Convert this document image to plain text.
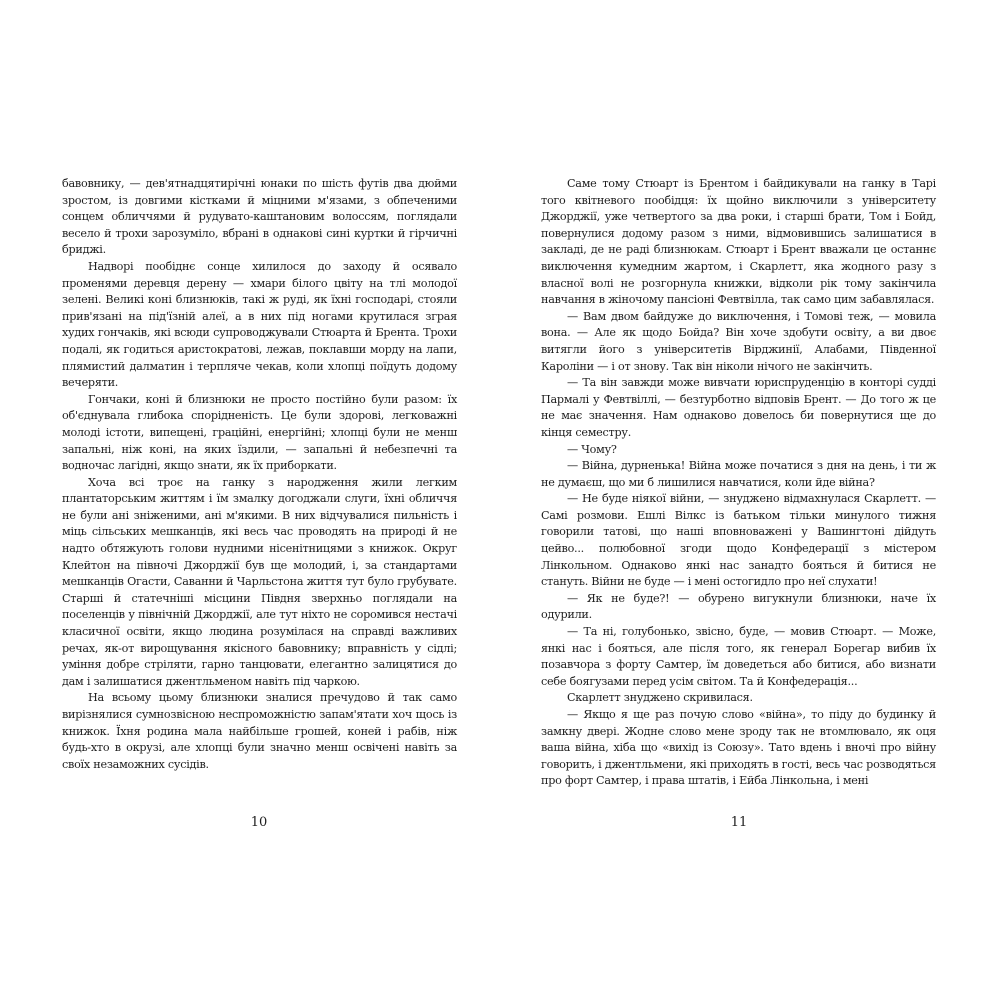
бавовнику, — дев'ятнадцятирічні юнаки по шість футів два дюйми зростом, із довгими кістками й міцними м'язами, з обпеченими сонцем обличчями й рудувато-каштановим волоссям, поглядали весело й трохи зарозуміло, вбрані в однакові сині куртки й гірчичні бриджі.

Надворі пообіднє сонце хилилося до заходу й осявало променями деревця дерену — хмари білого цвіту на тлі молодої зелені. Великі коні близнюків, такі ж руді, як їхні господарі, стояли прив'язані на під'їзній алеї, а в них під ногами крутилася зграя худих гончаків, які всюди супроводжували Стюарта й Брента. Трохи подалі, як годиться аристократові, лежав, поклавши морду на лапи, плямистий далматин і терпляче чекав, коли хлопці поїдуть додому вечеряти.

Гончаки, коні й близнюки не просто постійно були разом: їх об'єднувала глибока спорідненість. Це були здорові, легковажні молоді істоти, випещені, граційні, енергійні; хлопці були не менш запальні, ніж коні, на яких їздили, — запальні й небезпечні та водночас лагідні, якщо знати, як їх приборкати.

Хоча всі троє на ганку з народження жили легким плантаторським життям і їм змалку догоджали слуги, їхні обличчя не були ані зніженими, ані м'якими. В них відчувалися пильність і міць сільських мешканців, які весь час проводять на природі й не надто обтяжують голови нудними нісенітницями з книжок. Округ Клейтон на півночі Джорджії був ще молодий, і, за стандартами мешканців Огасти, Саванни й Чарльстона життя тут було грубувате. Старші й статечніші місцини Півдня зверхньо поглядали на поселенців у північній Джорджії, але тут ніхто не соромився нестачі класичної освіти, якщо людина розумілася на справді важливих речах, як-от вирощування якісного бавовнику; вправність у сідлі; уміння добре стріляти, гарно танцювати, елегантно залицятися до дам і залишатися джентльменом навіть під чаркою.

На всьому цьому близнюки зналися пречудово й так само вирізнялися сумнозвісною неспроможністю запам'ятати хоч щось із книжок. Їхня родина мала найбільше грошей, коней і рабів, ніж будь-хто в окрузі, але хлопці були значно менш освічені навіть за своїх незаможних сусідів.

Саме тому Стюарт із Брентом і байдикували на ганку в Тарі того квітневого пообідця: їх щойно виключили з університету Джорджії, уже четвертого за два роки, і старші брати, Том і Бойд, повернулися додому разом з ними, відмовившись залишатися в закладі, де не раді близнюкам. Стюарт і Брент вважали це останнє виключення кумедним жартом, і Скарлетт, яка жодного разу з власної волі не розгорнула книжки, відколи рік тому закінчила навчання в жіночому пансіоні Февтвілла, так само цим забавлялася.

— Вам двом байдуже до виключення, і Томові теж, — мовила вона. — Але як щодо Бойда? Він хоче здобути освіту, а ви двоє витягли його з університетів Вірджинії, Алабами, Південної Кароліни — і от знову. Так він ніколи нічого не закінчить.

— Та він завжди може вивчати юриспруденцію в конторі судді Пармалі у Февтвіллі, — безтурботно відповів Брент. — До того ж це не має значення. Нам однаково довелось би повернутися ще до кінця семестру.

— Чому?

— Війна, дурненька! Війна може початися з дня на день, і ти ж не думаєш, що ми б лишилися навчатися, коли йде війна?

— Не буде ніякої війни, — знуджено відмахнулася Скарлетт. — Самі розмови. Ешлі Вілкс із батьком тільки минулого тижня говорили татові, що наші вповноважені у Вашингтоні дійдуть цейво... полюбовної згоди щодо Конфедерації з містером Лінкольном. Однаково янкі нас занадто бояться й битися не стануть. Війни не буде — і мені остогидло про неї слухати!

— Як не буде?! — обурено вигукнули близнюки, наче їх одурили.

— Та ні, голубонько, звісно, буде, — мовив Стюарт. — Може, янкі нас і бояться, але після того, як генерал Борегар вибив їх позавчора з форту Самтер, їм доведеться або битися, або визнати себе боягузами перед усім світом. Та й Конфедерація...

Скарлетт знуджено скривилася.

— Якщо я ще раз почую слово «війна», то піду до будинку й замкну двері. Жодне слово мене зроду так не втомлювало, як оця ваша війна, хіба що «вихід із Союзу». Тато вдень і вночі про війну говорить, і джентльмени, які приходять в гості, весь час розводяться про форт Самтер, і права штатів, і Ейба Лінкольна, і мені

10	11
